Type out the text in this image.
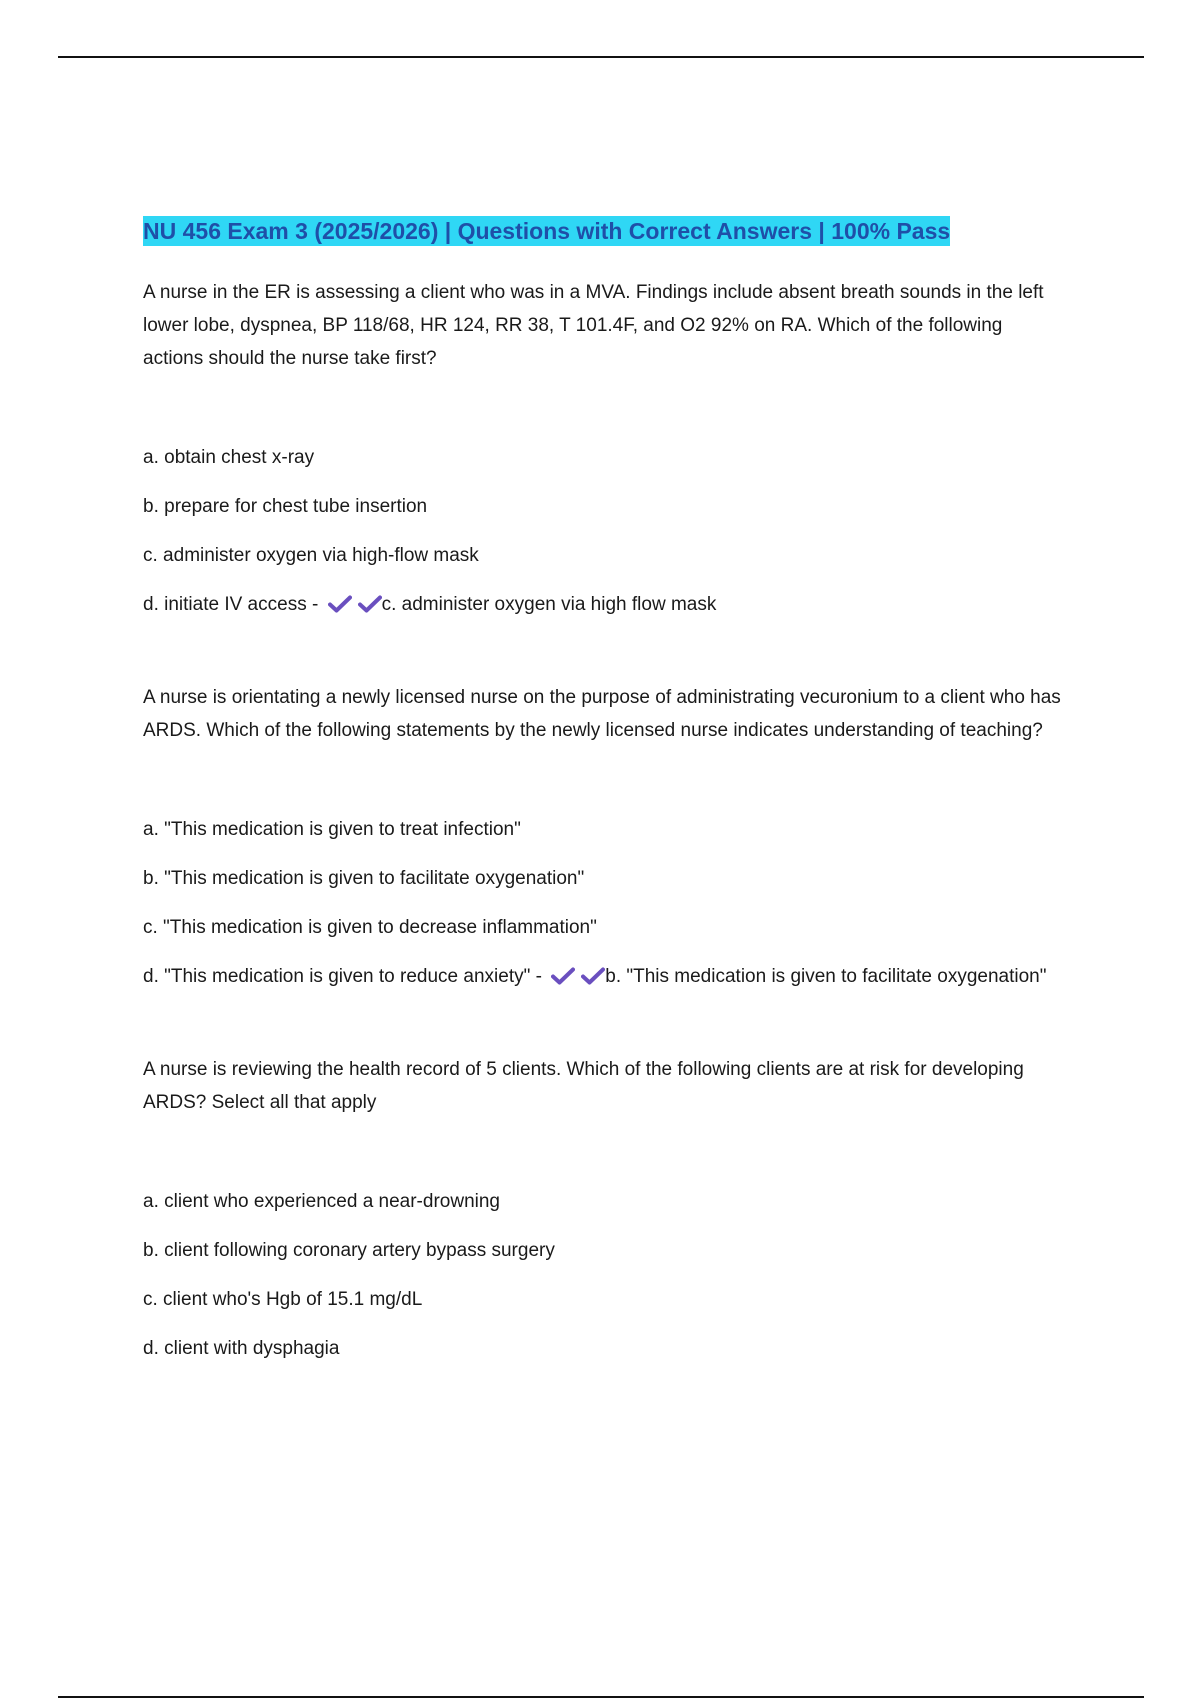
NU 456 Exam 3 (2025/2026) | Questions with Correct Answers | 100% Pass

A nurse in the ER is assessing a client who was in a MVA. Findings include absent breath sounds in the left lower lobe, dyspnea, BP 118/68, HR 124, RR 38, T 101.4F, and O2 92% on RA. Which of the following actions should the nurse take first?

a. obtain chest x-ray
b. prepare for chest tube insertion
c. administer oxygen via high-flow mask
d. initiate IV access -	c. administer oxygen via high flow mask

A nurse is orientating a newly licensed nurse on the purpose of administrating vecuronium to a client who has ARDS. Which of the following statements by the newly licensed nurse indicates understanding of teaching?

a. "This medication is given to treat infection"
b. "This medication is given to facilitate oxygenation"
c. "This medication is given to decrease inflammation"
d. "This medication is given to reduce anxiety" -	b. "This medication is given to facilitate oxygenation"

A nurse is reviewing the health record of 5 clients. Which of the following clients are at risk for developing ARDS? Select all that apply

a. client who experienced a near-drowning
b. client following coronary artery bypass surgery
c. client who's Hgb of 15.1 mg/dL
d. client with dysphagia
